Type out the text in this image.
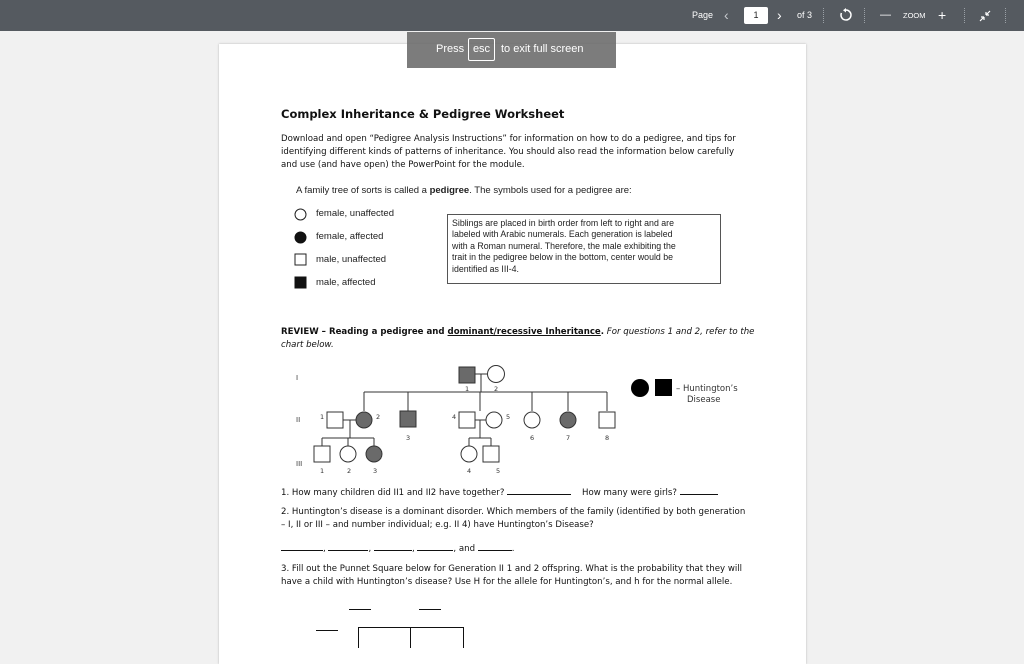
Page ‹	1	› of 3	— ZOOM +
Complex Inheritance & Pedigree Worksheet
Download and open “Pedigree Analysis Instructions” for information on how to do a pedigree, and tips for
identifying different kinds of patterns of inheritance. You should also read the information below carefully
and use (and have open) the PowerPoint for the module.
A family tree of sorts is called a pedigree. The symbols used for a pedigree are:
female, unaffected
female, affected
male, unaffected
male, affected
Siblings are placed in birth order from left to right and are
labeled with Arabic numerals. Each generation is labeled
with a Roman numeral. Therefore, the male exhibiting the
trait in the pedigree below in the bottom, center would be
identified as III-4.
REVIEW – Reading a pedigree and dominant/recessive Inheritance. For questions 1 and 2, refer to the
chart below.
I
II
III
1	2
1	2
3
4	5
6	7	8
1	2	3	4	5
– Huntington’s
Disease
1. How many children did II1 and II2 have together?	How many were girls?
2. Huntington’s disease is a dominant disorder. Which members of the family (identified by both generation
– I, II or III – and number individual; e.g. II 4) have Huntington’s Disease?
,	,	,	, and	.
3. Fill out the Punnet Square below for Generation II 1 and 2 offspring. What is the probability that they will
have a child with Huntington’s disease? Use H for the allele for Huntington’s, and h for the normal allele.
Press esc to exit full screen
